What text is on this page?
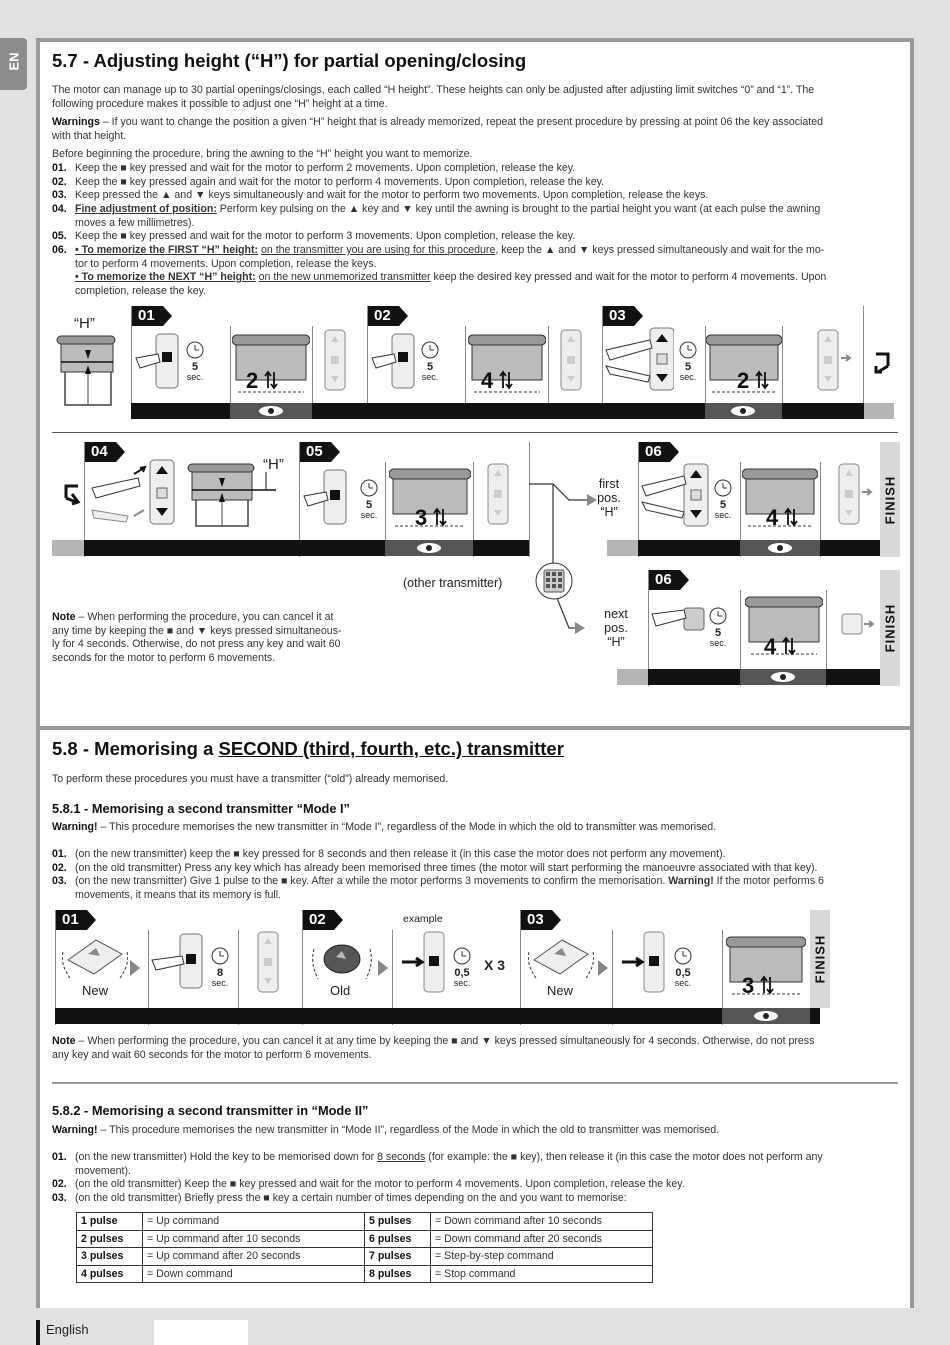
EN 5.7 - Adjusting height (“H”) for partial opening/closing
The motor can manage up to 30 partial openings/closings, each called “H height”. These heights can only be adjusted after adjusting limit switches “0” and “1”. The
following procedure makes it possible to adjust one “H” height at a time.
Warnings – If you want to change the position a given “H” height that is already memorized, repeat the present procedure by pressing at point 06 the key associated
with that height.
Before beginning the procedure, bring the awning to the “H” height you want to memorize.
01. Keep the ■ key pressed and wait for the motor to perform 2 movements. Upon completion, release the key.
02. Keep the ■ key pressed again and wait for the motor to perform 4 movements. Upon completion, release the key.
03. Keep pressed the ▲ and ▼ keys simultaneously and wait for the motor to perform two movements. Upon completion, release the keys.
04. Fine adjustment of position: Perform key pulsing on the ▲ key and ▼ key until the awning is brought to the partial height you want (at each pulse the awning
moves a few millimetres).
05. Keep the ■ key pressed and wait for the motor to perform 3 movements. Upon completion, release the key.
06. • To memorize the FIRST “H” height: on the transmitter you are using for this procedure, keep the ▲ and ▼ keys pressed simultaneously and wait for the mo-
tor to perform 4 movements. Upon completion, release the keys.
• To memorize the NEXT “H” height: on the new unmemorized transmitter keep the desired key pressed and wait for the motor to perform 4 movements. Upon
completion, release the key.
“H”	01	02	03
5
sec. 2
5
sec. 4
5
sec. 2
04	05	06
“H”
5
sec. 3
first
pos.
“H”	5
sec. 4	FINISH
(other transmitter)
next
pos.
“H”
06
5
sec. 4	FINISH
Note – When performing the procedure, you can cancel it at
any time by keeping the ■ and ▼ keys pressed simultaneous-
ly for 4 seconds. Otherwise, do not press any key and wait 60
seconds for the motor to perform 6 movements.
5.8 - Memorising a SECOND (third, fourth, etc.) transmitter
To perform these procedures you must have a transmitter (“old”) already memorised.
5.8.1 - Memorising a second transmitter “Mode I”
Warning! – This procedure memorises the new transmitter in “Mode I”, regardless of the Mode in which the old to transmitter was memorised.
01. (on the new transmitter) keep the ■ key pressed for 8 seconds and then release it (in this case the motor does not perform any movement).
02. (on the old transmitter) Press any key which has already been memorised three times (the motor will start performing the manoeuvre associated with that key).
03. (on the new transmitter) Give 1 pulse to the ■ key. After a while the motor performs 3 movements to confirm the memorisation. Warning! If the motor performs 6
movements, it means that its memory is full.
01	02	03
New
8
sec.	Old
example
0,5
sec.
X 3
New
0,5
sec. 3
FINISH
Note – When performing the procedure, you can cancel it at any time by keeping the ■ and ▼ keys pressed simultaneously for 4 seconds. Otherwise, do not press
any key and wait 60 seconds for the motor to perform 6 movements.
5.8.2 - Memorising a second transmitter in “Mode II”
Warning! – This procedure memorises the new transmitter in “Mode II”, regardless of the Mode in which the old to transmitter was memorised.
01. (on the new transmitter) Hold the key to be memorised down for 8 seconds (for example: the ■ key), then release it (in this case the motor does not perform any
movement).
02. (on the old transmitter) Keep the ■ key pressed and wait for the motor to perform 4 movements. Upon completion, release the key.
03. (on the old transmitter) Briefly press the ■ key a certain number of times depending on the and you want to memorise:
1 pulse	= Up command	5 pulses	= Down command after 10 seconds
2 pulses	= Up command after 10 seconds	6 pulses	= Down command after 20 seconds
3 pulses	= Up command after 20 seconds	7 pulses	= Step-by-step command
4 pulses	= Down command	8 pulses	= Stop command
English
